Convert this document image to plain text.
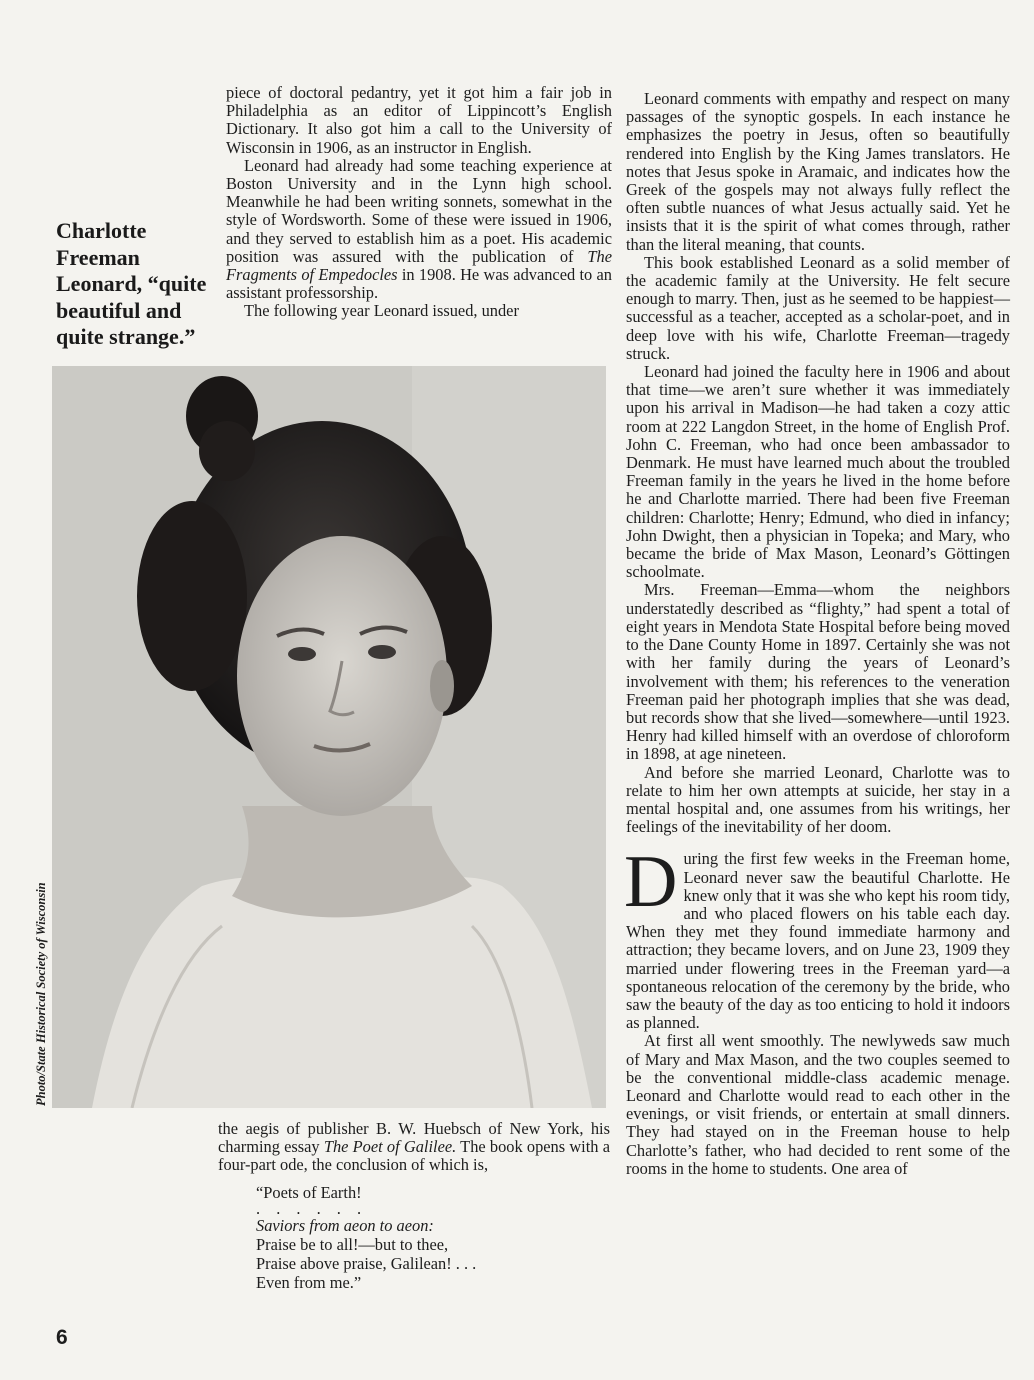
Charlotte Freeman Leonard, “quite beautiful and quite strange.”

piece of doctoral pedantry, yet it got him a fair job in Philadelphia as an editor of Lippincott’s English Dictionary. It also got him a call to the University of Wisconsin in 1906, as an instructor in English.

Leonard had already had some teaching experience at Boston University and in the Lynn high school. Meanwhile he had been writing sonnets, somewhat in the style of Wordsworth. Some of these were issued in 1906, and they served to establish him as a poet. His academic position was assured with the publication of The Fragments of Empedocles in 1908. He was advanced to an assistant professorship.

The following year Leonard issued, under

Photo/State Historical Society of Wisconsin

the aegis of publisher B. W. Huebsch of New York, his charming essay The Poet of Galilee. The book opens with a four-part ode, the conclusion of which is,

“Poets of Earth!
. . . . . .
Saviors from aeon to aeon:
Praise be to all!—but to thee,
Praise above praise, Galilean! . . .
Even from me.”

Leonard comments with empathy and respect on many passages of the synoptic gospels. In each instance he emphasizes the poetry in Jesus, often so beautifully rendered into English by the King James translators. He notes that Jesus spoke in Aramaic, and indicates how the Greek of the gospels may not always fully reflect the often subtle nuances of what Jesus actually said. Yet he insists that it is the spirit of what comes through, rather than the literal meaning, that counts.

This book established Leonard as a solid member of the academic family at the University. He felt secure enough to marry. Then, just as he seemed to be happiest—successful as a teacher, accepted as a scholar-poet, and in deep love with his wife, Charlotte Freeman—tragedy struck.

Leonard had joined the faculty here in 1906 and about that time—we aren’t sure whether it was immediately upon his arrival in Madison—he had taken a cozy attic room at 222 Langdon Street, in the home of English Prof. John C. Freeman, who had once been ambassador to Denmark. He must have learned much about the troubled Freeman family in the years he lived in the home before he and Charlotte married. There had been five Freeman children: Charlotte; Henry; Edmund, who died in infancy; John Dwight, then a physician in Topeka; and Mary, who became the bride of Max Mason, Leonard’s Göttingen schoolmate.

Mrs. Freeman—Emma—whom the neighbors understatedly described as “flighty,” had spent a total of eight years in Mendota State Hospital before being moved to the Dane County Home in 1897. Certainly she was not with her family during the years of Leonard’s involvement with them; his references to the veneration Freeman paid her photograph implies that she was dead, but records show that she lived—somewhere—until 1923. Henry had killed himself with an overdose of chloroform in 1898, at age nineteen.

And before she married Leonard, Charlotte was to relate to him her own attempts at suicide, her stay in a mental hospital and, one assumes from his writings, her feelings of the inevitability of her doom.

During the first few weeks in the Freeman home, Leonard never saw the beautiful Charlotte. He knew only that it was she who kept his room tidy, and who placed flowers on his table each day. When they met they found immediate harmony and attraction; they became lovers, and on June 23, 1909 they married under flowering trees in the Freeman yard—a spontaneous relocation of the ceremony by the bride, who saw the beauty of the day as too enticing to hold it indoors as planned.

At first all went smoothly. The newlyweds saw much of Mary and Max Mason, and the two couples seemed to be the conventional middle-class academic menage. Leonard and Charlotte would read to each other in the evenings, or visit friends, or entertain at small dinners. They had stayed on in the Freeman house to help Charlotte’s father, who had decided to rent some of the rooms in the home to students. One area of

6
